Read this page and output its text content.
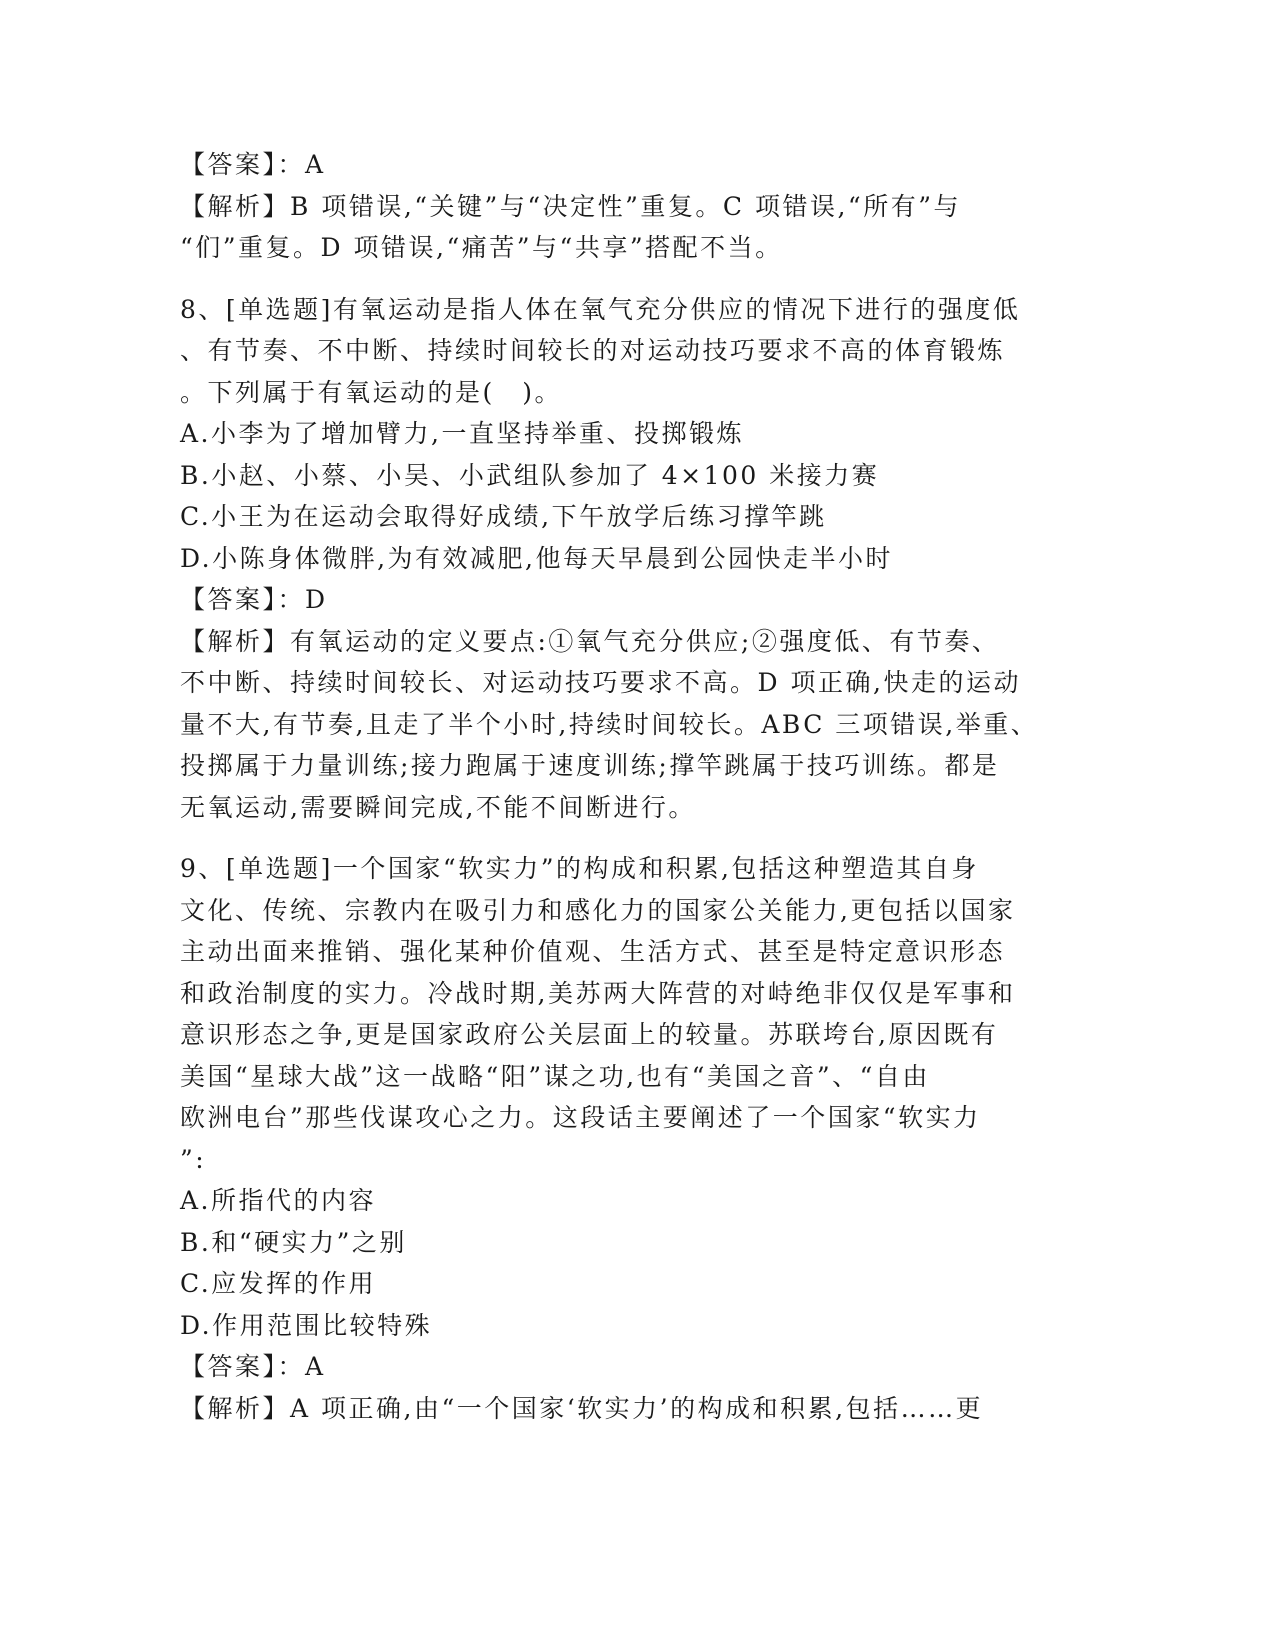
【答案】：A
【解析】B 项错误,“关键”与“决定性”重复。C 项错误,“所有”与
“们”重复。D 项错误,“痛苦”与“共享”搭配不当。
8、[单选题]有氧运动是指人体在氧气充分供应的情况下进行的强度低
、有节奏、不中断、持续时间较长的对运动技巧要求不高的体育锻炼
。下列属于有氧运动的是(　)。
A.小李为了增加臂力,一直坚持举重、投掷锻炼
B.小赵、小蔡、小吴、小武组队参加了 4×100 米接力赛
C.小王为在运动会取得好成绩,下午放学后练习撑竿跳
D.小陈身体微胖,为有效减肥,他每天早晨到公园快走半小时
【答案】：D
【解析】有氧运动的定义要点:①氧气充分供应;②强度低、有节奏、
不中断、持续时间较长、对运动技巧要求不高。D 项正确,快走的运动
量不大,有节奏,且走了半个小时,持续时间较长。ABC 三项错误,举重、
投掷属于力量训练;接力跑属于速度训练;撑竿跳属于技巧训练。都是
无氧运动,需要瞬间完成,不能不间断进行。
9、[单选题]一个国家“软实力”的构成和积累,包括这种塑造其自身
文化、传统、宗教内在吸引力和感化力的国家公关能力,更包括以国家
主动出面来推销、强化某种价值观、生活方式、甚至是特定意识形态
和政治制度的实力。冷战时期,美苏两大阵营的对峙绝非仅仅是军事和
意识形态之争,更是国家政府公关层面上的较量。苏联垮台,原因既有
美国“星球大战”这一战略“阳”谋之功,也有“美国之音”、“自由
欧洲电台”那些伐谋攻心之力。这段话主要阐述了一个国家“软实力
”:
A.所指代的内容
B.和“硬实力”之别
C.应发挥的作用
D.作用范围比较特殊
【答案】：A
【解析】A 项正确,由“一个国家‘软实力’的构成和积累,包括……更
